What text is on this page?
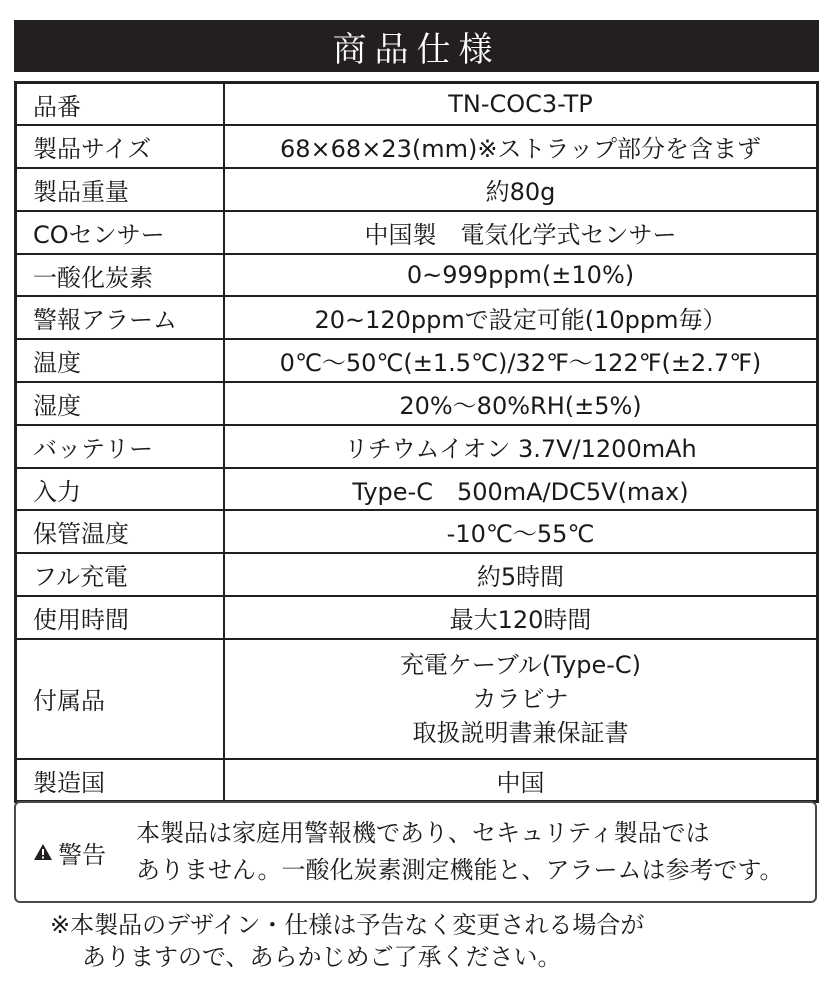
商品仕様
品番	TN-COC3-TP
製品サイズ	68×68×23(mm)※ストラップ部分を含まず
製品重量	約80g
COセンサー	中国製　電気化学式センサー
一酸化炭素	0~999ppm(±10%)
警報アラーム	20~120ppmで設定可能(10ppm毎）
温度	0℃〜50℃(±1.5℃)/32℉〜122℉(±2.7℉)
湿度	20%〜80%RH(±5%)
バッテリー	リチウムイオン 3.7V/1200mAh
入力	Type-C　500mA/DC5V(max)
保管温度	-10℃〜55℃
フル充電	約5時間
使用時間	最大120時間
付属品	充電ケーブル(Type-C)
カラビナ
取扱説明書兼保証書

製造国	中国
警告
本製品は家庭用警報機であり、セキュリティ製品では
ありません。一酸化炭素測定機能と、アラームは参考です。
※本製品のデザイン・仕様は予告なく変更される場合が
ありますので、あらかじめご了承ください。
